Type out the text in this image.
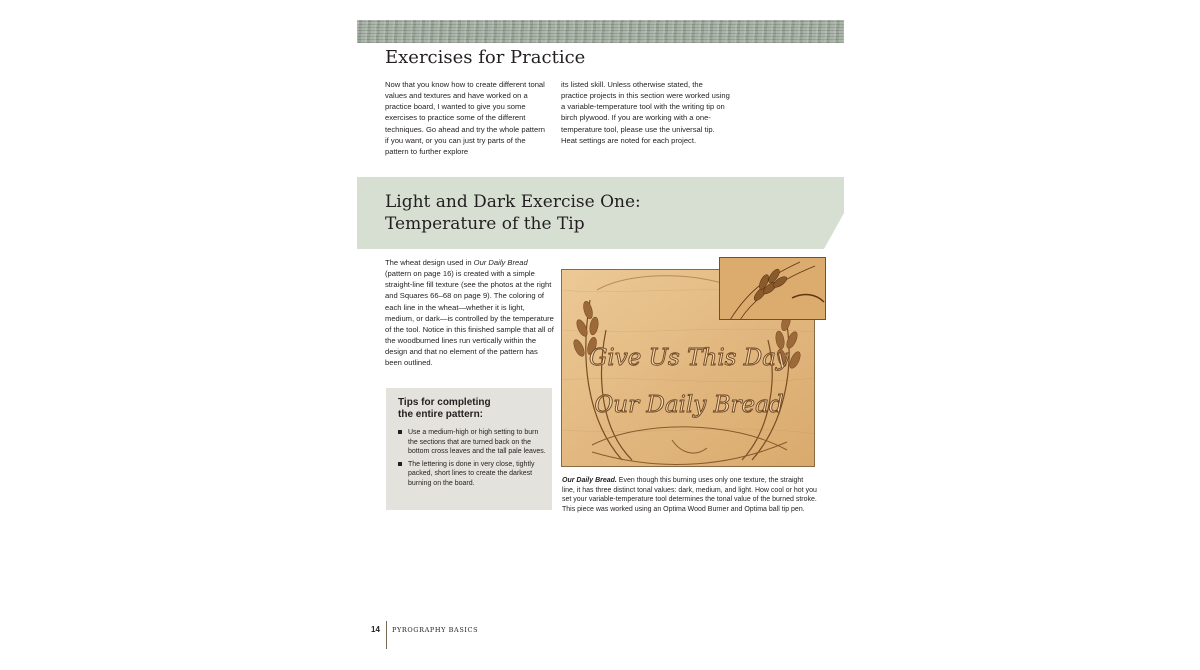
Exercises for Practice

Now that you know how to create different tonal values and textures and have worked on a practice board, I wanted to give you some exercises to practice some of the different techniques. Go ahead and try the whole pattern if you want, or you can just try parts of the pattern to further explore

its listed skill. Unless otherwise stated, the practice projects in this section were worked using a variable-temperature tool with the writing tip on birch plywood. If you are working with a one-temperature tool, please use the universal tip. Heat settings are noted for each project.

Light and Dark Exercise One:
Temperature of the Tip

The wheat design used in Our Daily Bread (pattern on page 16) is created with a simple straight-line fill texture (see the photos at the right and Squares 66–68 on page 9). The coloring of each line in the wheat—whether it is light, medium, or dark—is controlled by the temperature of the tool. Notice in this finished sample that all of the woodburned lines run vertically within the design and that no element of the pattern has been outlined.

Tips for completing
the entire pattern:
Use a medium-high or high setting to burn the sections that are turned back on the bottom cross leaves and the tall pale leaves.
The lettering is done in very close, tightly packed, short lines to create the darkest burning on the board.
Give Us This Day
Our Daily Bread
Our Daily Bread. Even though this burning uses only one texture, the straight line, it has three distinct tonal values: dark, medium, and light. How cool or hot you set your variable-temperature tool determines the tonal value of the burned stroke. This piece was worked using an Optima Wood Burner and Optima ball tip pen.
14 PYROGRAPHY BASICS
